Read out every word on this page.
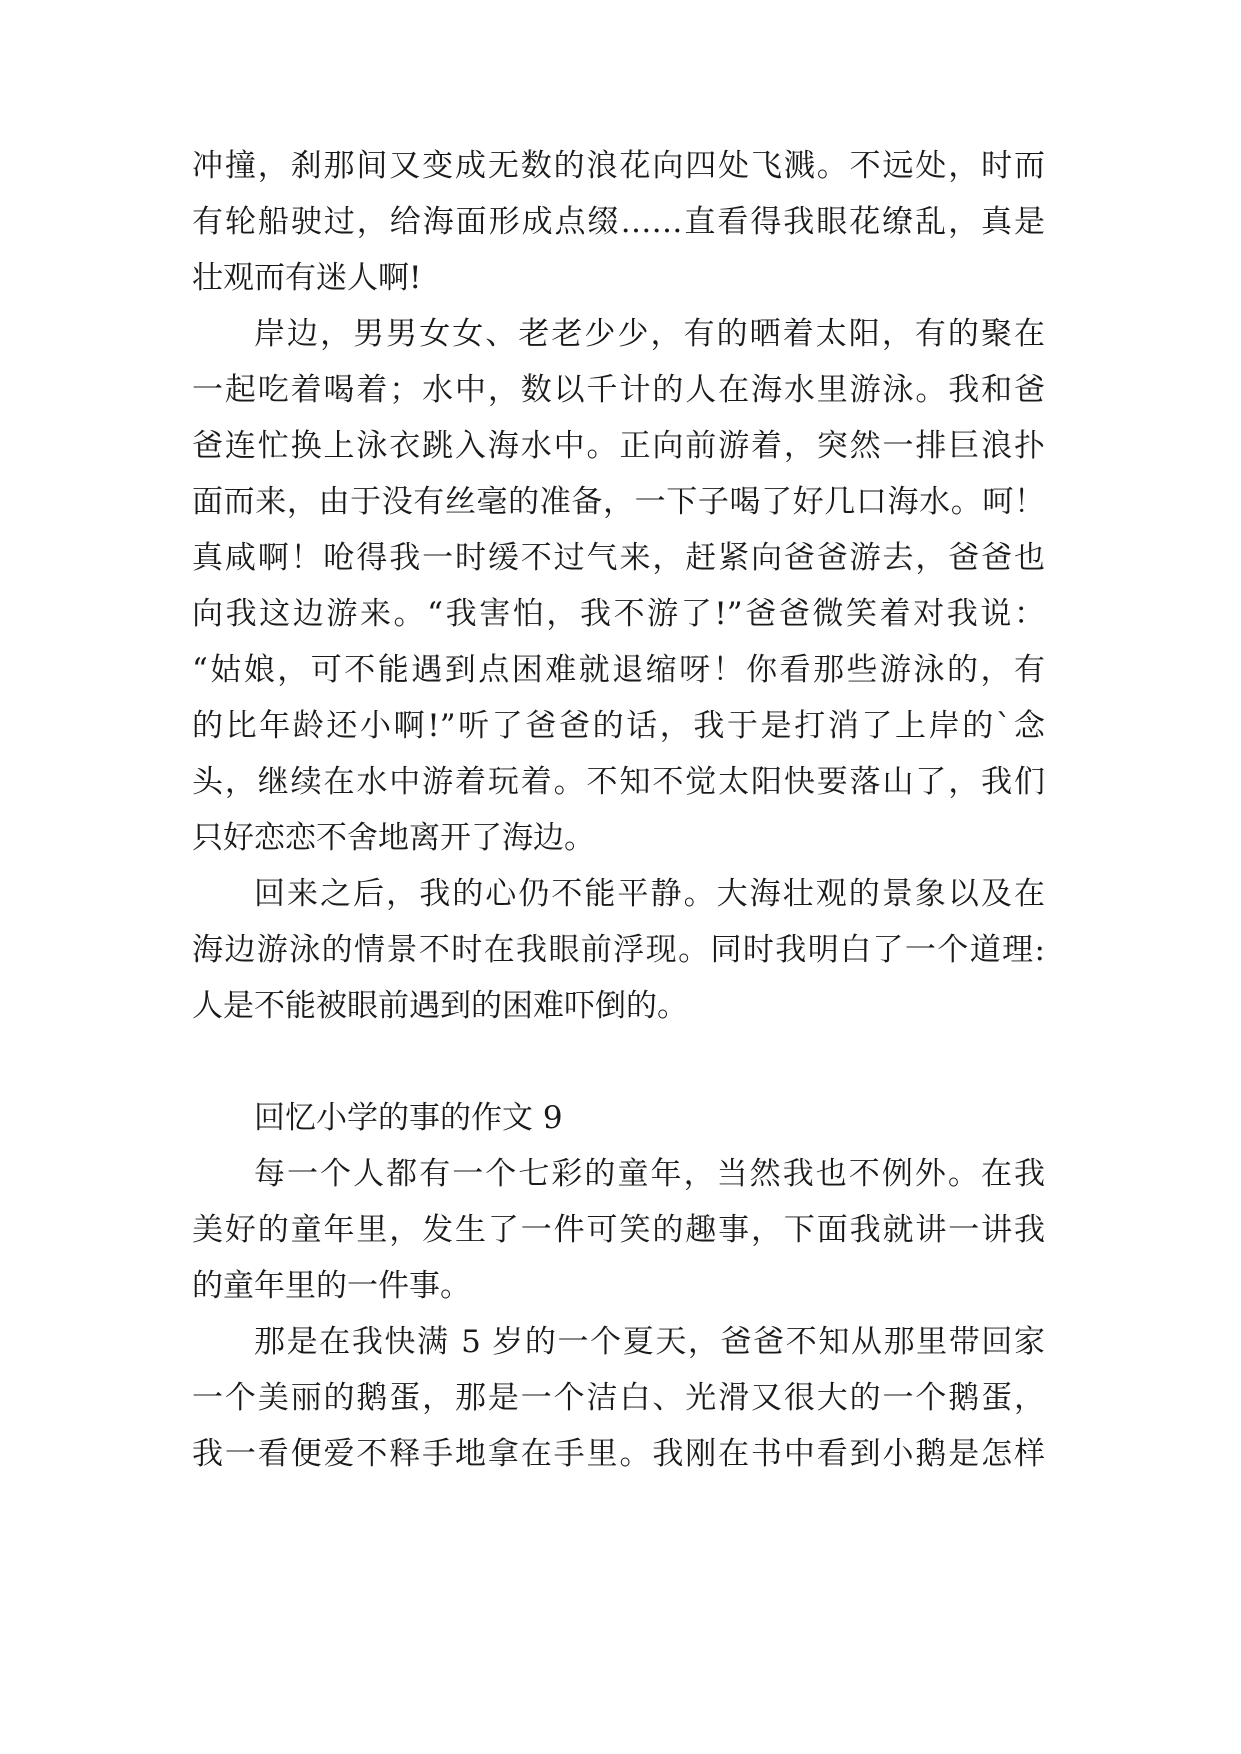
冲撞，刹那间又变成无数的浪花向四处飞溅。不远处，时而
有轮船驶过，给海面形成点缀……直看得我眼花缭乱，真是
壮观而有迷人啊!
岸边，男男女女、老老少少，有的晒着太阳，有的聚在
一起吃着喝着；水中，数以千计的人在海水里游泳。我和爸
爸连忙换上泳衣跳入海水中。正向前游着，突然一排巨浪扑
面而来，由于没有丝毫的准备，一下子喝了好几口海水。呵！
真咸啊！呛得我一时缓不过气来，赶紧向爸爸游去，爸爸也
向我这边游来。“我害怕，我不游了!”爸爸微笑着对我说：
“姑娘，可不能遇到点困难就退缩呀！你看那些游泳的，有
的比年龄还小啊!”听了爸爸的话，我于是打消了上岸的`念
头，继续在水中游着玩着。不知不觉太阳快要落山了，我们
只好恋恋不舍地离开了海边。
回来之后，我的心仍不能平静。大海壮观的景象以及在
海边游泳的情景不时在我眼前浮现。同时我明白了一个道理:
人是不能被眼前遇到的困难吓倒的。
回忆小学的事的作文 9
每一个人都有一个七彩的童年，当然我也不例外。在我
美好的童年里，发生了一件可笑的趣事，下面我就讲一讲我
的童年里的一件事。
那是在我快满 5 岁的一个夏天，爸爸不知从那里带回家
一个美丽的鹅蛋，那是一个洁白、光滑又很大的一个鹅蛋，
我一看便爱不释手地拿在手里。我刚在书中看到小鹅是怎样
